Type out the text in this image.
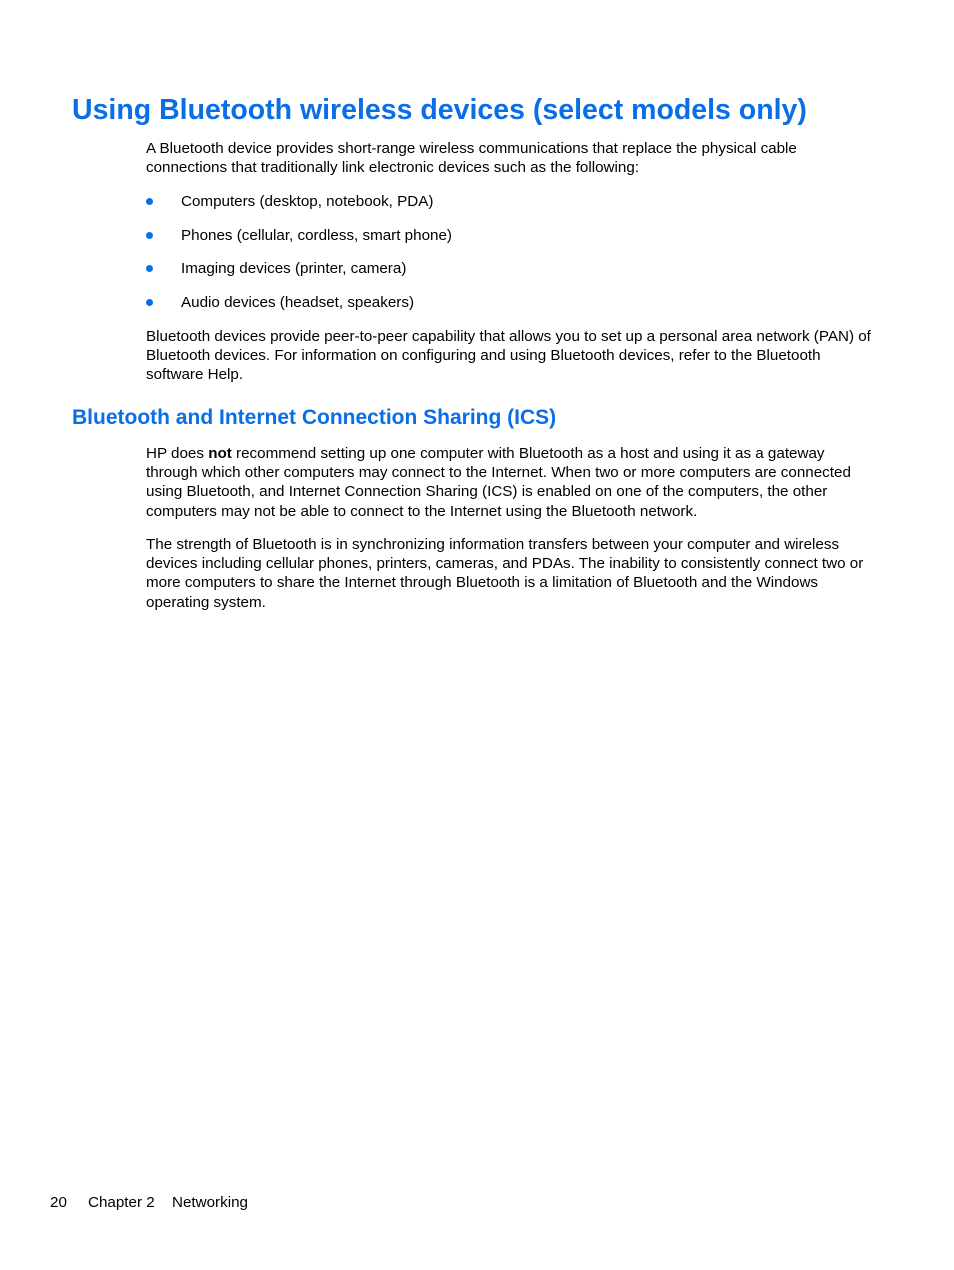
Using Bluetooth wireless devices (select models only)

A Bluetooth device provides short-range wireless communications that replace the physical cable connections that traditionally link electronic devices such as the following:

Computers (desktop, notebook, PDA)
Phones (cellular, cordless, smart phone)
Imaging devices (printer, camera)
Audio devices (headset, speakers)

Bluetooth devices provide peer-to-peer capability that allows you to set up a personal area network (PAN) of Bluetooth devices. For information on configuring and using Bluetooth devices, refer to the Bluetooth software Help.

Bluetooth and Internet Connection Sharing (ICS)

HP does not recommend setting up one computer with Bluetooth as a host and using it as a gateway through which other computers may connect to the Internet. When two or more computers are connected using Bluetooth, and Internet Connection Sharing (ICS) is enabled on one of the computers, the other computers may not be able to connect to the Internet using the Bluetooth network.

The strength of Bluetooth is in synchronizing information transfers between your computer and wireless devices including cellular phones, printers, cameras, and PDAs. The inability to consistently connect two or more computers to share the Internet through Bluetooth is a limitation of Bluetooth and the Windows operating system.

20 Chapter 2 Networking
